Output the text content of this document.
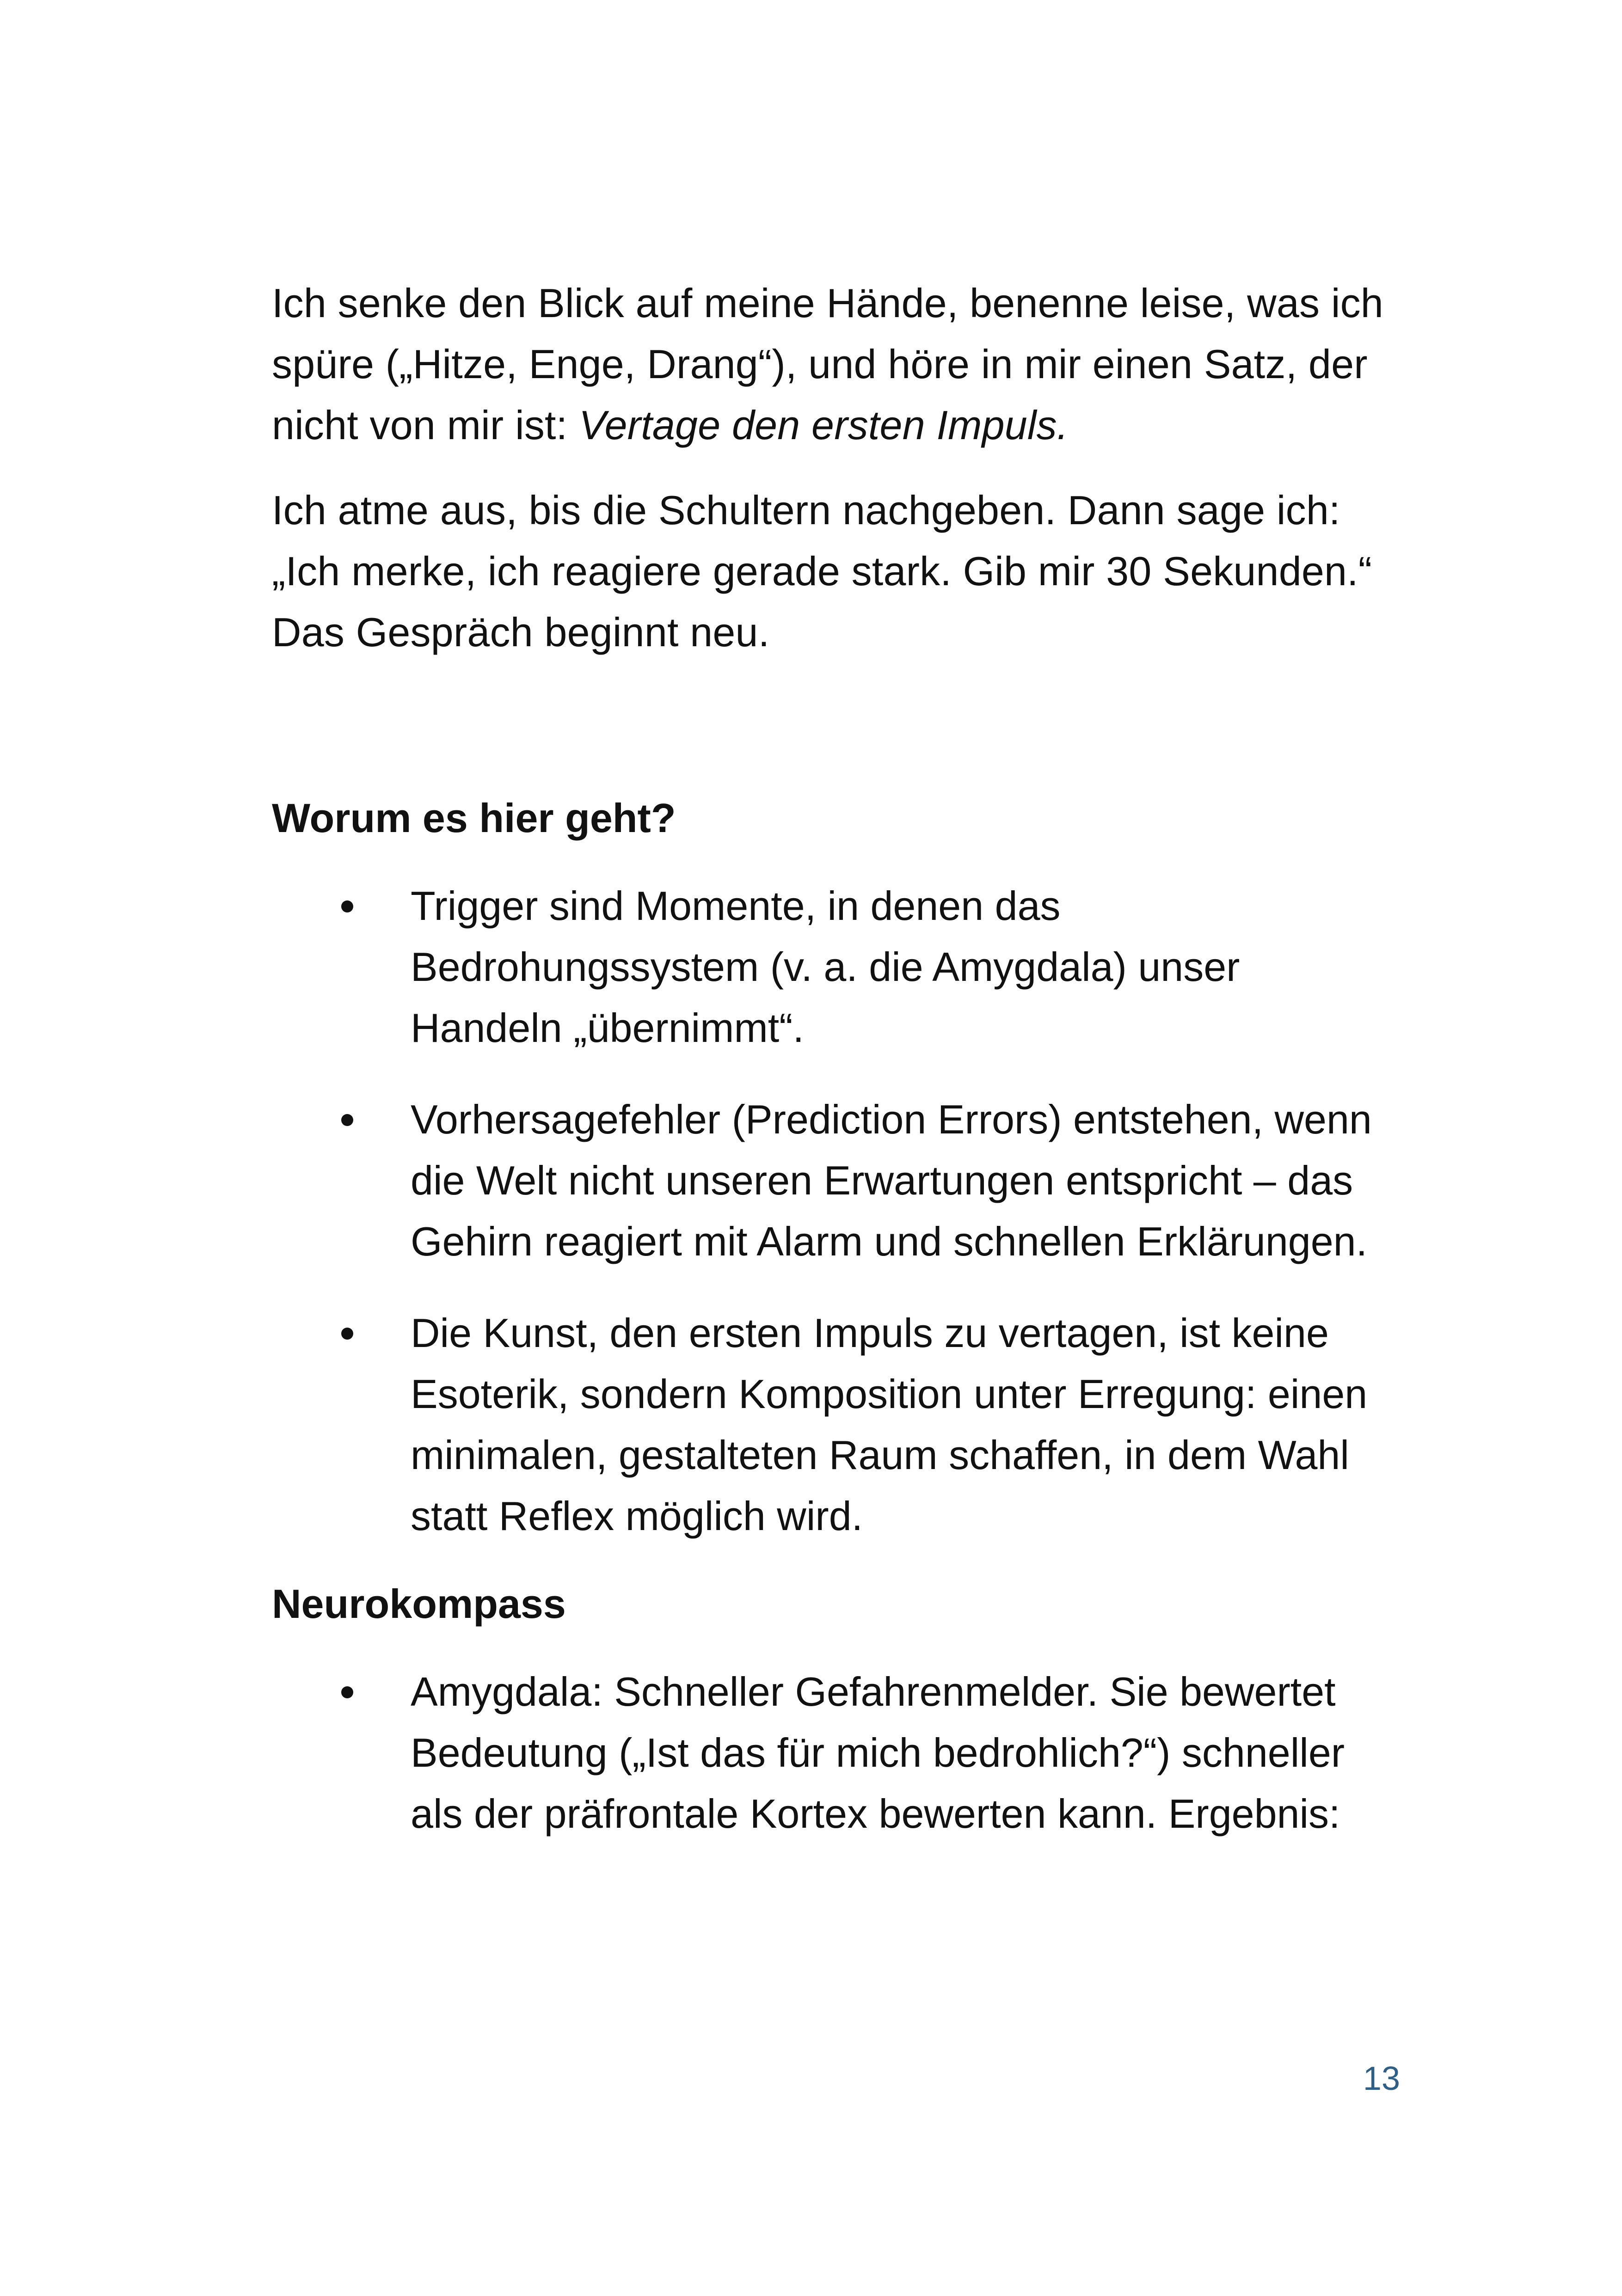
Ich senke den Blick auf meine Hände, benenne leise, was ich spüre („Hitze, Enge, Drang“), und höre in mir einen Satz, der nicht von mir ist: Vertage den ersten Impuls.

Ich atme aus, bis die Schultern nachgeben. Dann sage ich: „Ich merke, ich reagiere gerade stark. Gib mir 30 Sekunden.“ Das Gespräch beginnt neu.

Worum es hier geht?
Trigger sind Momente, in denen das Bedrohungssystem (v. a. die Amygdala) unser Handeln „übernimmt“.
Vorhersagefehler (Prediction Errors) entstehen, wenn die Welt nicht unseren Erwartungen entspricht – das Gehirn reagiert mit Alarm und schnellen Erklärungen.
Die Kunst, den ersten Impuls zu vertagen, ist keine Esoterik, sondern Komposition unter Erregung: einen minimalen, gestalteten Raum schaffen, in dem Wahl statt Reflex möglich wird.
Neurokompass
Amygdala: Schneller Gefahrenmelder. Sie bewertet Bedeutung („Ist das für mich bedrohlich?“) schneller als der präfrontale Kortex bewerten kann. Ergebnis:
13
